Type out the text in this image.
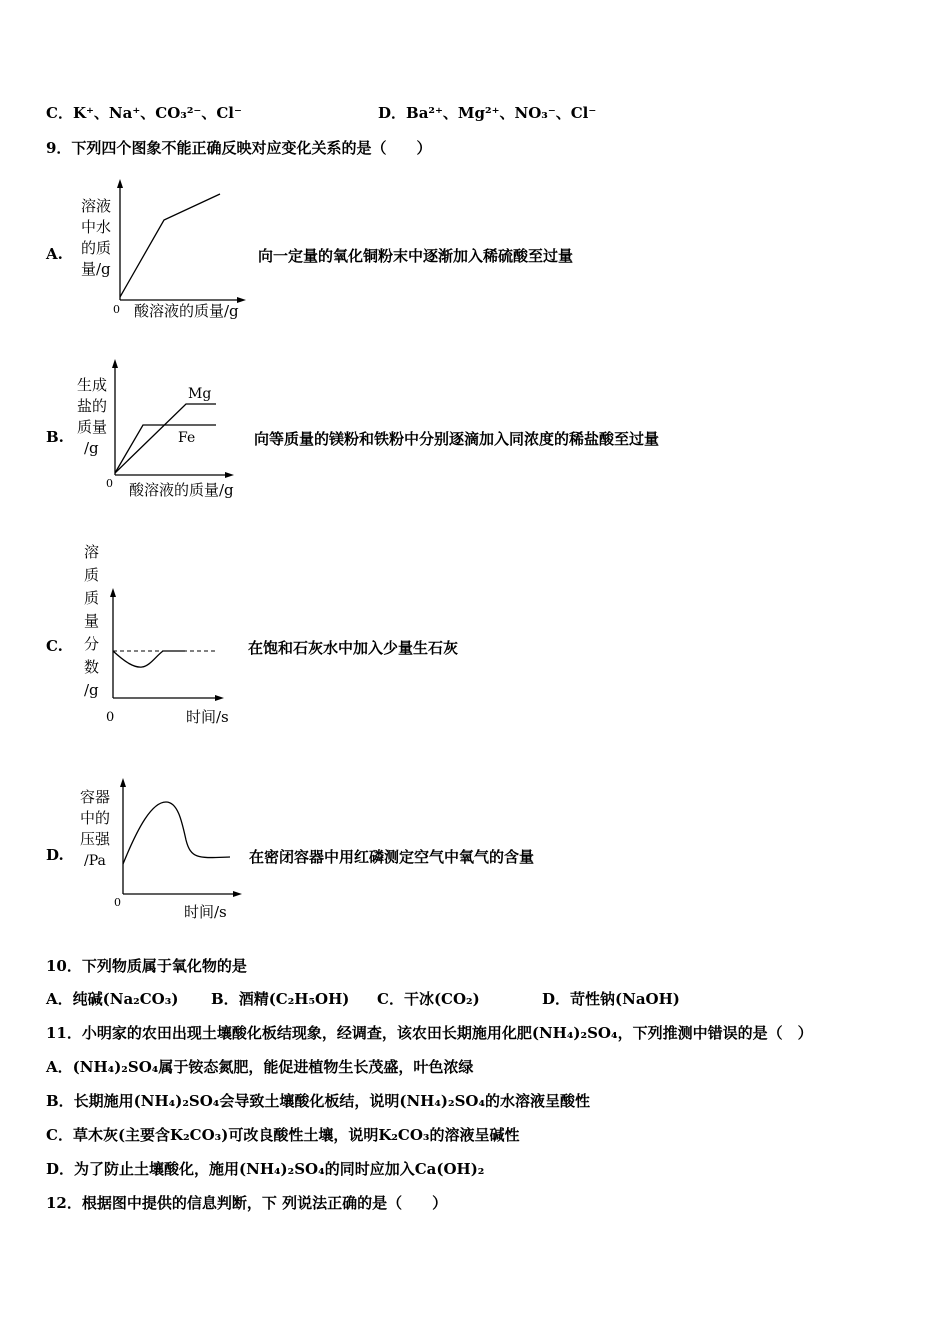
C．K⁺、Na⁺、CO₃²⁻、Cl⁻	D．Ba²⁺、Mg²⁺、NO₃⁻、Cl⁻
9．下列四个图象不能正确反映对应变化关系的是（　　）
A.
溶液
中水
的质
量/g
0 酸溶液的质量/g
向一定量的氧化铜粉末中逐渐加入稀硫酸至过量
B.
Mg
Fe
生成
盐的
质量
/g
0 酸溶液的质量/g
向等质量的镁粉和铁粉中分别逐滴加入同浓度的稀盐酸至过量
C.
溶
质
质
量
分
数
/g
0	时间/s
在饱和石灰水中加入少量生石灰
D.
容器
中的
压强
/Pa
0
时间/s
在密闭容器中用红磷测定空气中氧气的含量
10．下列物质属于氧化物的是
A．纯碱(Na₂CO₃) B．酒精(C₂H₅OH) C．干冰(CO₂)	D．苛性钠(NaOH)
11．小明家的农田出现土壤酸化板结现象，经调查，该农田长期施用化肥(NH₄)₂SO₄，下列推测中错误的是（　）
A．(NH₄)₂SO₄属于铵态氮肥，能促进植物生长茂盛，叶色浓绿
B．长期施用(NH₄)₂SO₄会导致土壤酸化板结，说明(NH₄)₂SO₄的水溶液呈酸性
C．草木灰(主要含K₂CO₃)可改良酸性土壤，说明K₂CO₃的溶液呈碱性
D．为了防止土壤酸化，施用(NH₄)₂SO₄的同时应加入Ca(OH)₂
12．根据图中提供的信息判断，下 列说法正确的是（　　）
